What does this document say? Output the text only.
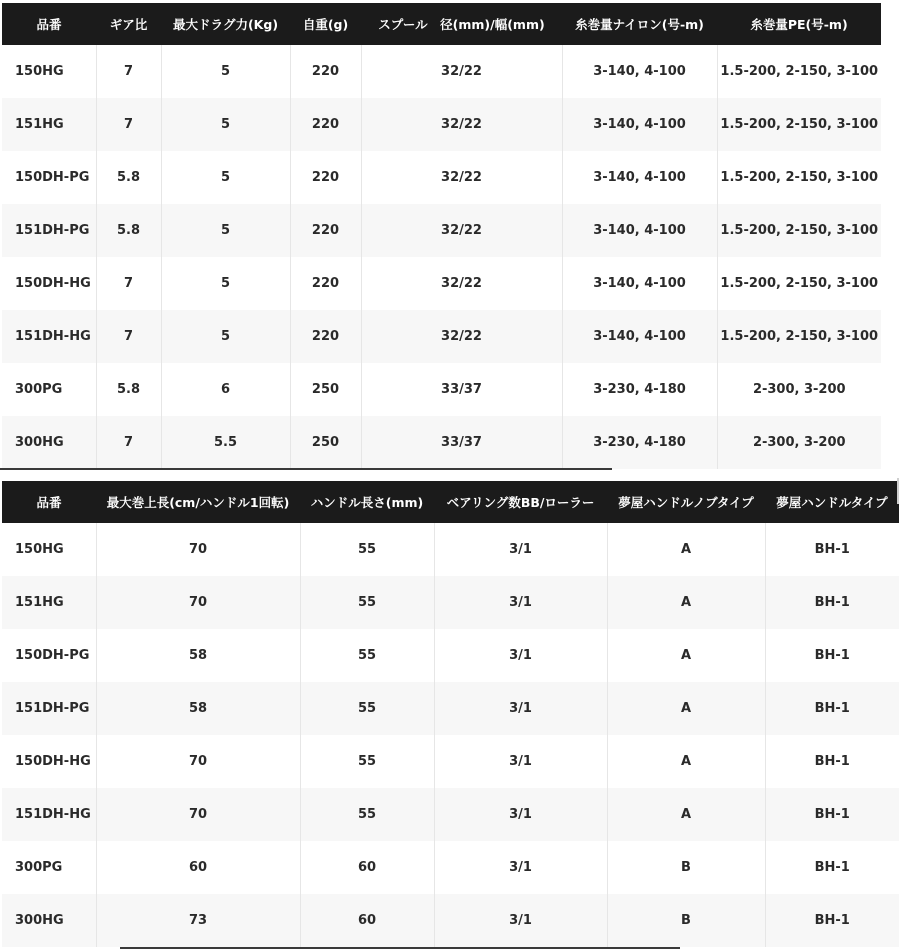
品番	ギア比	最大ドラグ力(Kg)	自重(g)	スプール　径(mm)/幅(mm)	糸巻量ナイロン(号-m)	糸巻量PE(号-m)
150HG	7	5	220	32/22	3-140, 4-100	1.5-200, 2-150, 3-100
151HG	7	5	220	32/22	3-140, 4-100	1.5-200, 2-150, 3-100
150DH-PG	5.8	5	220	32/22	3-140, 4-100	1.5-200, 2-150, 3-100
151DH-PG	5.8	5	220	32/22	3-140, 4-100	1.5-200, 2-150, 3-100
150DH-HG	7	5	220	32/22	3-140, 4-100	1.5-200, 2-150, 3-100
151DH-HG	7	5	220	32/22	3-140, 4-100	1.5-200, 2-150, 3-100
300PG	5.8	6	250	33/37	3-230, 4-180	2-300, 3-200
300HG	7	5.5	250	33/37	3-230, 4-180	2-300, 3-200
品番	最大巻上長(cm/ハンドル1回転)	ハンドル長さ(mm)	ベアリング数BB/ローラー	夢屋ハンドルノブタイプ	夢屋ハンドルタイプ
150HG	70	55	3/1	A	BH-1
151HG	70	55	3/1	A	BH-1
150DH-PG	58	55	3/1	A	BH-1
151DH-PG	58	55	3/1	A	BH-1
150DH-HG	70	55	3/1	A	BH-1
151DH-HG	70	55	3/1	A	BH-1
300PG	60	60	3/1	B	BH-1
300HG	73	60	3/1	B	BH-1
